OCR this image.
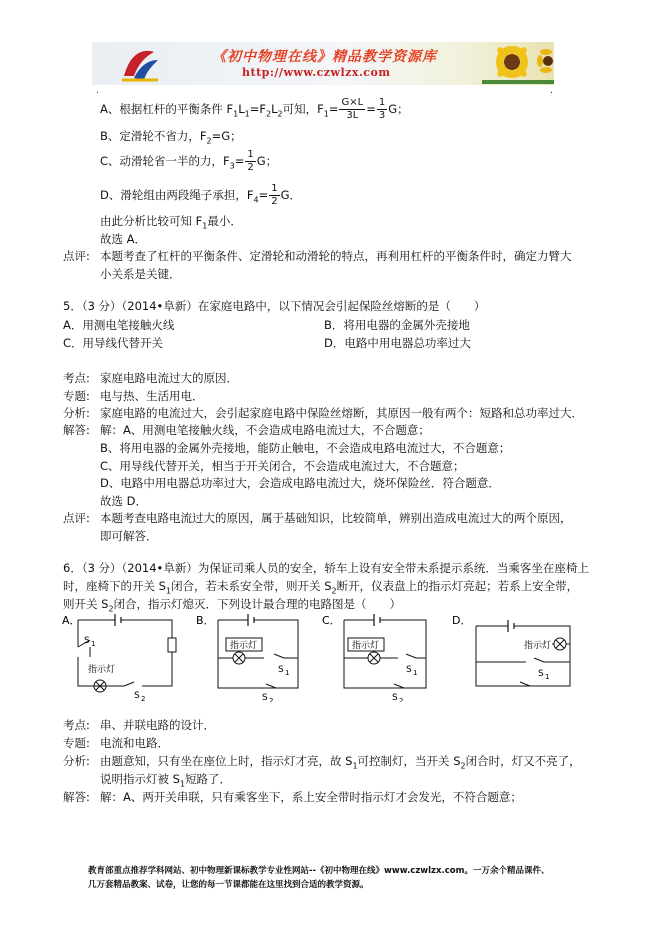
《初中物理在线》精品教学资源库
http://www.czwlzx.com
.	.
A、根据杠杆的平衡条件 $F_1L_1=F_2L_2$可知，$F_1= \frac{G\times L}{3L} = \frac{1}{3}$ G；
B、定滑轮不省力，$F_2=G$；
C、动滑轮省一半的力，$F_3= \frac{1}{2}$ G；
D、滑轮组由两段绳子承担，$F_4= \frac{1}{2}$ G．
由此分析比较可知 $F_1$最小．
故选 A．
点评: 本题考查了杠杆的平衡条件、定滑轮和动滑轮的特点，再利用杠杆的平衡条件时，确定力臂大
小关系是关键．
5．（3 分）（2014•阜新）在家庭电路中，以下情况会引起保险丝熔断的是（　　）
A．用测电笔接触火线	B．将用电器的金属外壳接地
C．用导线代替开关	D．电路中用电器总功率过大
考点: 家庭电路电流过大的原因．
专题: 电与热、生活用电．
分析: 家庭电路的电流过大，会引起家庭电路中保险丝熔断，其原因一般有两个：短路和总功率过大．
解答: 解：A、用测电笔接触火线，不会造成电路电流过大，不合题意；
B、将用电器的金属外壳接地，能防止触电，不会造成电路电流过大，不合题意；
C、用导线代替开关，相当于开关闭合，不会造成电流过大，不合题意；
D、电路中用电器总功率过大，会造成电路电流过大，烧坏保险丝．符合题意．
故选 D．
点评: 本题考查电路电流过大的原因，属于基础知识，比较简单，辨别出造成电流过大的两个原因，
即可解答．
6．（3 分）（2014•阜新）为保证司乘人员的安全，轿车上设有安全带未系提示系统．当乘客坐在座椅上
时，座椅下的开关 $S_1$闭合，若未系安全带，则开关 $S_2$断开，仪表盘上的指示灯亮起；若系上安全带，
则开关 $S_2$闭合，指示灯熄灭．下列设计最合理的电路图是（　　）
A．
S 1
指示灯
S 2
B．
指示灯
S 1
S 2
C．
指示灯
S 1
S 2
D．
指示灯
S 1
考点: 串、并联电路的设计．
专题: 电流和电路．
分析: 由题意知，只有坐在座位上时，指示灯才亮，故 $S_1$可控制灯，当开关 $S_2$闭合时，灯又不亮了，
说明指示灯被 $S_1$短路了．
解答: 解：A、两开关串联，只有乘客坐下，系上安全带时指示灯才会发光，不符合题意；
教育部重点推荐学科网站、初中物理新课标教学专业性网站--《初中物理在线》www.czwlzx.com。一万余个精品课件、
几万套精品教案、试卷，让您的每一节课都能在这里找到合适的教学资源。
